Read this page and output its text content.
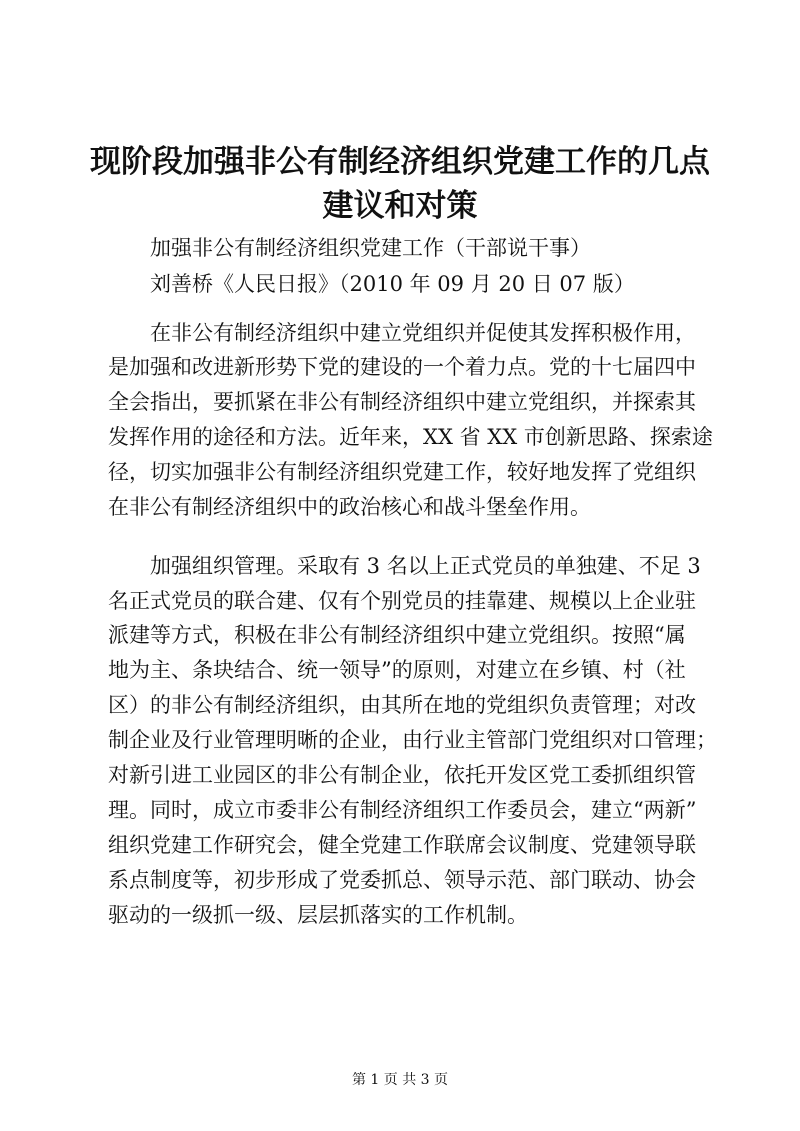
现阶段加强非公有制经济组织党建工作的几点
建议和对策
加强非公有制经济组织党建工作（干部说干事）
刘善桥《人民日报》（2010 年 09 月 20 日 07 版）
在非公有制经济组织中建立党组织并促使其发挥积极作用，
是加强和改进新形势下党的建设的一个着力点。党的十七届四中
全会指出，要抓紧在非公有制经济组织中建立党组织，并探索其
发挥作用的途径和方法。近年来，XX 省 XX 市创新思路、探索途
径，切实加强非公有制经济组织党建工作，较好地发挥了党组织
在非公有制经济组织中的政治核心和战斗堡垒作用。
加强组织管理。采取有 3 名以上正式党员的单独建、不足 3
名正式党员的联合建、仅有个别党员的挂靠建、规模以上企业驻
派建等方式，积极在非公有制经济组织中建立党组织。按照“属
地为主、条块结合、统一领导”的原则，对建立在乡镇、村（社
区）的非公有制经济组织，由其所在地的党组织负责管理；对改
制企业及行业管理明晰的企业，由行业主管部门党组织对口管理；
对新引进工业园区的非公有制企业，依托开发区党工委抓组织管
理。同时，成立市委非公有制经济组织工作委员会，建立“两新”
组织党建工作研究会，健全党建工作联席会议制度、党建领导联
系点制度等，初步形成了党委抓总、领导示范、部门联动、协会
驱动的一级抓一级、层层抓落实的工作机制。
第 1 页 共 3 页
